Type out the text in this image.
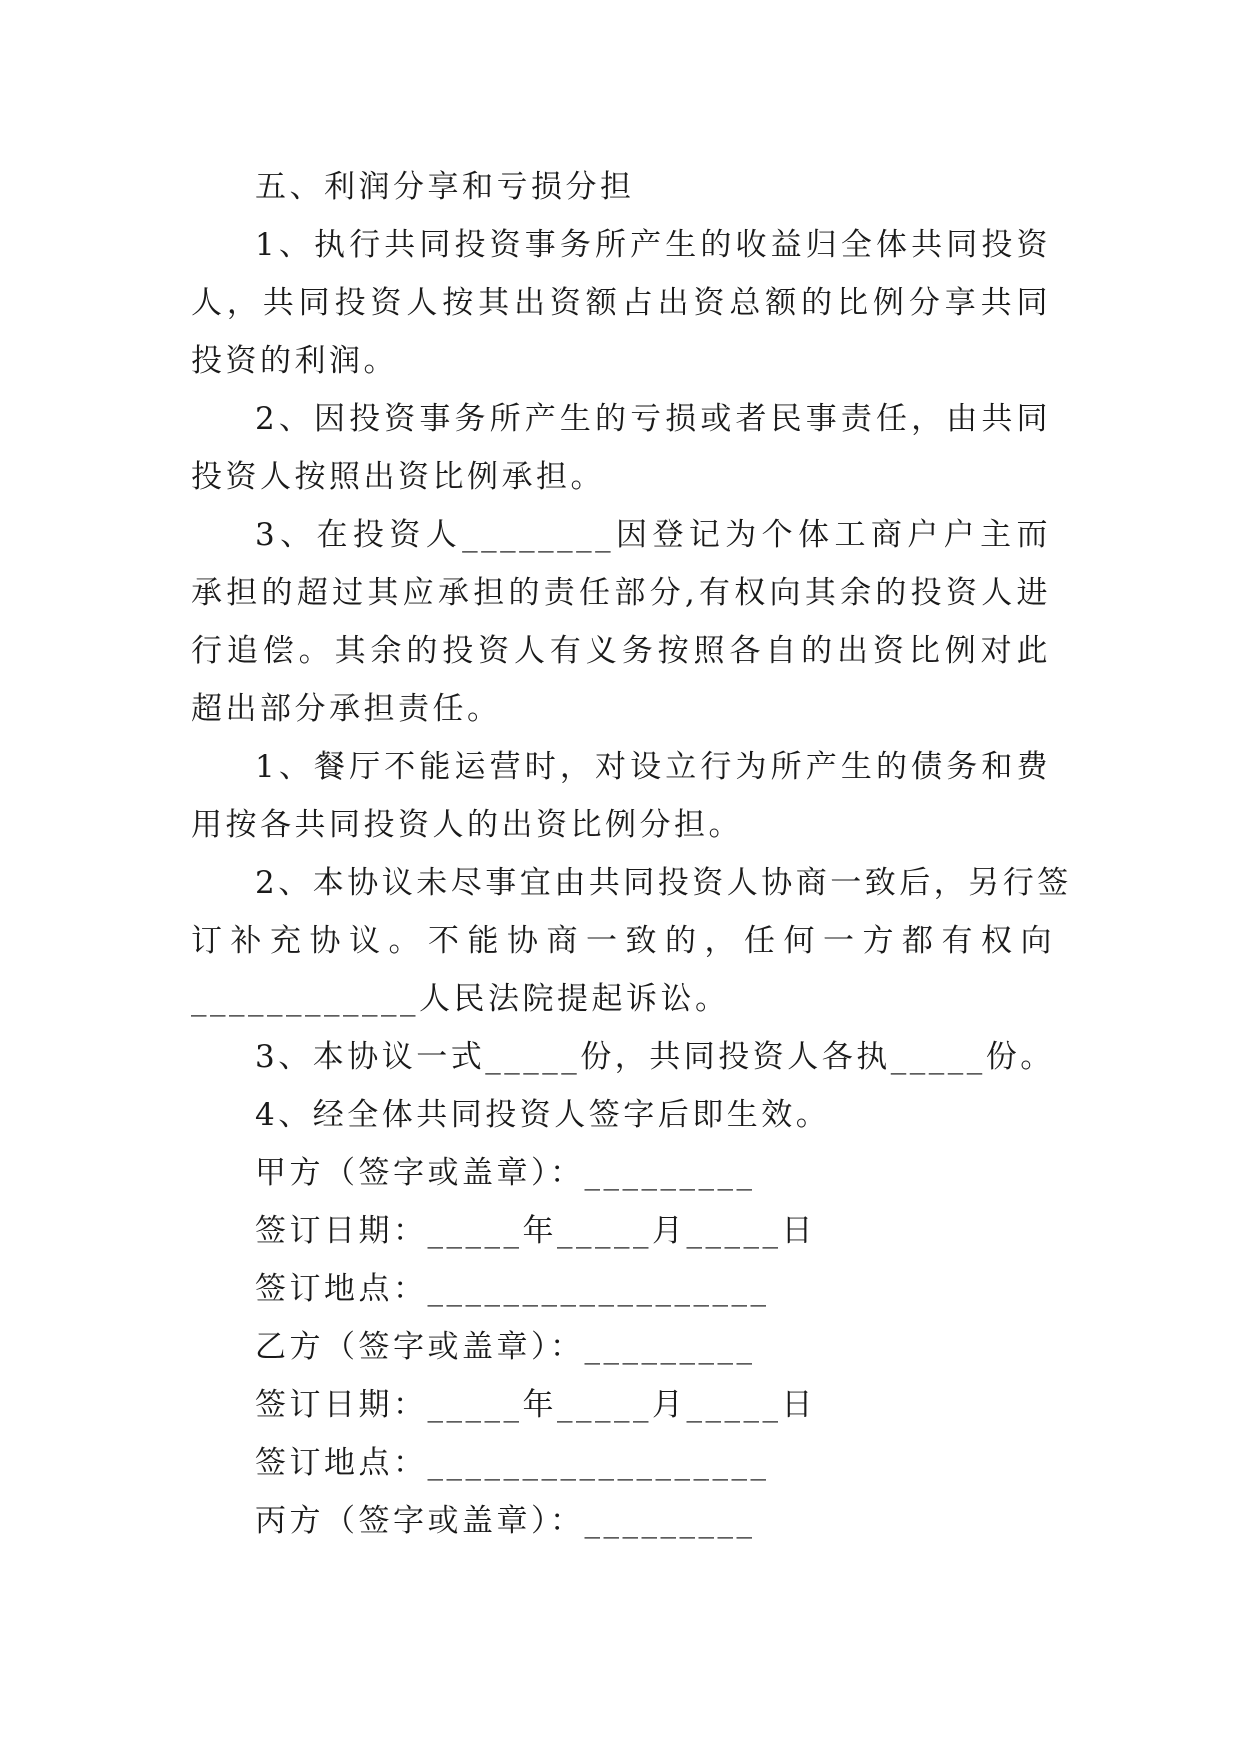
五、利润分享和亏损分担

1、执行共同投资事务所产生的收益归全体共同投资人，共同投资人按其出资额占出资总额的比例分享共同投资的利润。

2、因投资事务所产生的亏损或者民事责任，由共同投资人按照出资比例承担。

3、在投资人________因登记为个体工商户户主而承担的超过其应承担的责任部分,有权向其余的投资人进行追偿。其余的投资人有义务按照各自的出资比例对此超出部分承担责任。

1、餐厅不能运营时，对设立行为所产生的债务和费用按各共同投资人的出资比例分担。

2、本协议未尽事宜由共同投资人协商一致后，另行签

订补充协议。不能协商一致的，任何一方都有权向

____________人民法院提起诉讼。

3、本协议一式_____份，共同投资人各执_____份。

4、经全体共同投资人签字后即生效。

甲方（签字或盖章）：_________

签订日期：_____年_____月_____日

签订地点：__________________

乙方（签字或盖章）：_________

签订日期：_____年_____月_____日

签订地点：__________________

丙方（签字或盖章）：_________
